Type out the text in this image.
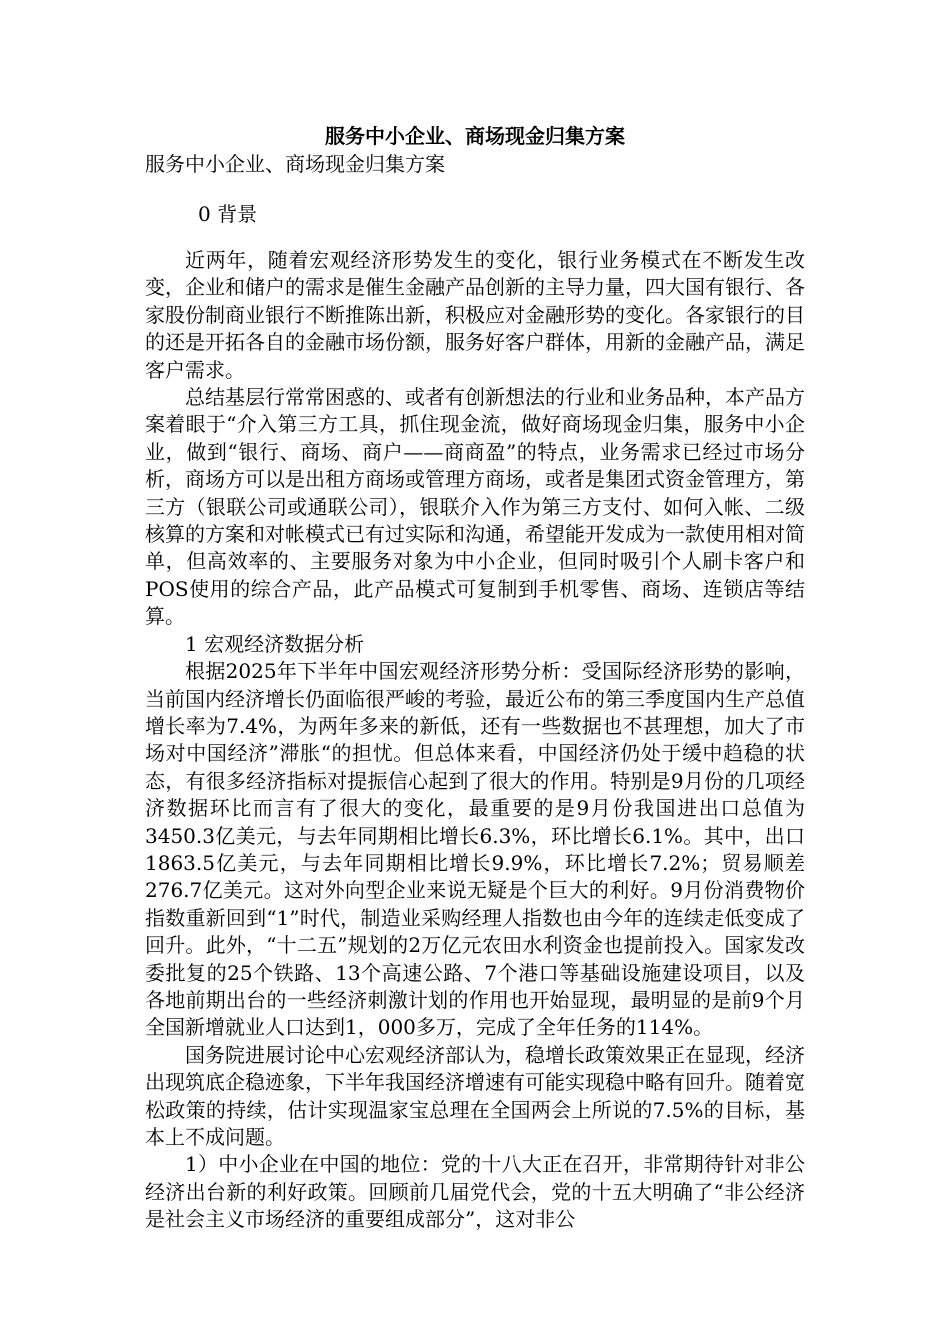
服务中小企业、商场现金归集方案
服务中小企业、商场现金归集方案
0 背景

近两年，随着宏观经济形势发生的变化，银行业务模式在不断发生改变，企业和储户的需求是催生金融产品创新的主导力量，四大国有银行、各家股份制商业银行不断推陈出新，积极应对金融形势的变化。各家银行的目的还是开拓各自的金融市场份额，服务好客户群体，用新的金融产品，满足客户需求。

总结基层行常常困惑的、或者有创新想法的行业和业务品种，本产品方案着眼于“介入第三方工具，抓住现金流，做好商场现金归集，服务中小企业，做到“银行、商场、商户——商商盈”的特点，业务需求已经过市场分析，商场方可以是出租方商场或管理方商场，或者是集团式资金管理方，第三方（银联公司或通联公司），银联介入作为第三方支付、如何入帐、二级核算的方案和对帐模式已有过实际和沟通，希望能开发成为一款使用相对简单，但高效率的、主要服务对象为中小企业，但同时吸引个人刷卡客户和POS使用的综合产品，此产品模式可复制到手机零售、商场、连锁店等结算。

1 宏观经济数据分析

根据2025年下半年中国宏观经济形势分析：受国际经济形势的影响，当前国内经济增长仍面临很严峻的考验，最近公布的第三季度国内生产总值增长率为7.4%，为两年多来的新低，还有一些数据也不甚理想，加大了市场对中国经济”滞胀“的担忧。但总体来看，中国经济仍处于缓中趋稳的状态，有很多经济指标对提振信心起到了很大的作用。特别是9月份的几项经济数据环比而言有了很大的变化，最重要的是9月份我国进出口总值为3450.3亿美元，与去年同期相比增长6.3%，环比增长6.1%。其中，出口1863.5亿美元，与去年同期相比增长9.9%，环比增长7.2%；贸易顺差276.7亿美元。这对外向型企业来说无疑是个巨大的利好。9月份消费物价指数重新回到“1”时代，制造业采购经理人指数也由今年的连续走低变成了回升。此外，“十二五”规划的2万亿元农田水利资金也提前投入。国家发改委批复的25个铁路、13个高速公路、7个港口等基础设施建设项目，以及各地前期出台的一些经济刺激计划的作用也开始显现，最明显的是前9个月全国新增就业人口达到1，000多万，完成了全年任务的114%。

国务院进展讨论中心宏观经济部认为，稳增长政策效果正在显现，经济出现筑底企稳迹象，下半年我国经济增速有可能实现稳中略有回升。随着宽松政策的持续，估计实现温家宝总理在全国两会上所说的7.5%的目标，基本上不成问题。

1）中小企业在中国的地位：党的十八大正在召开，非常期待针对非公经济出台新的利好政策。回顾前几届党代会，党的十五大明确了“非公经济是社会主义市场经济的重要组成部分”，这对非公
